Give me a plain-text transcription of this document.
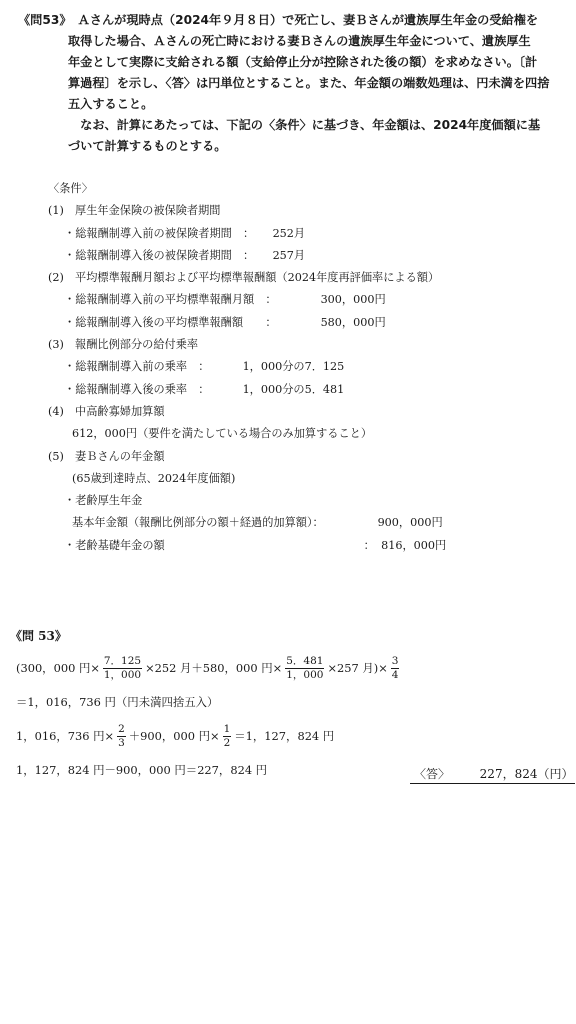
《問53》　Ａさんが現時点（2024年９月８日）で死亡し、妻Ｂさんが遺族厚生年金の受給権を
取得した場合、Ａさんの死亡時における妻Ｂさんの遺族厚生年金について、遺族厚生
年金として実際に支給される額（支給停止分が控除された後の額）を求めなさい。〔計
算過程〕を示し、〈答〉は円単位とすること。また、年金額の端数処理は、円未満を四捨
五入すること。
　なお、計算にあたっては、下記の〈条件〉に基づき、年金額は、2024年度価額に基
づいて計算するものとする。
〈条件〉
(1)　厚生年金保険の被保険者期間
・総報酬制導入前の被保険者期間　： 252月
・総報酬制導入後の被保険者期間　： 257月
(2)　平均標準報酬月額および平均標準報酬額（2024年度再評価率による額）
・総報酬制導入前の平均標準報酬月額　：	300，000円
・総報酬制導入後の平均標準報酬額　　：	580，000円
(3)　報酬比例部分の給付乗率
・総報酬制導入前の乗率　：	1，000分の7．125
・総報酬制導入後の乗率　：	1，000分の5．481
(4)　中高齢寡婦加算額
612，000円（要件を満たしている場合のみ加算すること）
(5)　妻Ｂさんの年金額
(65歳到達時点、2024年度価額)
・老齢厚生年金
基本年金額（報酬比例部分の額＋経過的加算額）：	900，000円
・老齢基礎年金の額	： 816，000円
《問 53》
(300，000 円× $\frac{7.125}{1,000} \times 252$ 月＋580，000 円× $\frac{5.481}{1,000} \times 257$ 月)× $\frac{3}{4}$
＝1，016，736 円（円未満四捨五入）
1，016，736 円× $\frac{2}{3} +900$，000 円× $\frac{1}{2} =1$，127，824 円
1，127，824 円－900，000 円＝227，824 円	〈答〉 227，824（円）
